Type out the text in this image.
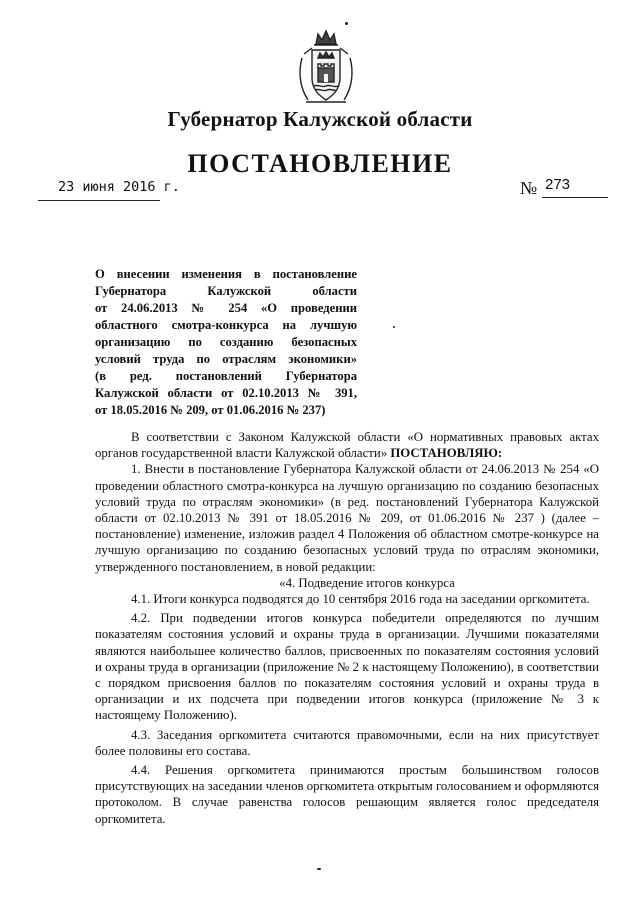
Губернатор Калужской области
ПОСТАНОВЛЕНИЕ
23 июня 2016 г.	№ 273
О внесении изменения в постановление
Губернатора Калужской области
от 24.06.2013 № 254 «О проведении
областного смотра-конкурса на лучшую
организацию по созданию безопасных
условий труда по отраслям экономики»
(в ред. постановлений Губернатора
Калужской области от 02.10.2013 № 391,
от 18.05.2016 № 209, от 01.06.2016 № 237)

В соответствии с Законом Калужской области «О нормативных правовых актах органов государственной власти Калужской области» ПОСТАНОВЛЯЮ:

1. Внести в постановление Губернатора Калужской области от 24.06.2013 № 254 «О проведении областного смотра-конкурса на лучшую организацию по созданию безопасных условий труда по отраслям экономики» (в ред. постановлений Губернатора Калужской области от 02.10.2013 № 391 от 18.05.2016 № 209, от 01.06.2016 № 237 ) (далее – постановление) изменение, изложив раздел 4 Положения об областном смотре-конкурсе на лучшую организацию по созданию безопасных условий труда по отраслям экономики, утвержденного постановлением, в новой редакции:

«4. Подведение итогов конкурса

4.1. Итоги конкурса подводятся до 10 сентября 2016 года на заседании оргкомитета.

4.2. При подведении итогов конкурса победители определяются по лучшим показателям состояния условий и охраны труда в организации. Лучшими показателями являются наибольшее количество баллов, присвоенных по показателям состояния условий и охраны труда в организации (приложение № 2 к настоящему Положению), в соответствии с порядком присвоения баллов по показателям состояния условий и охраны труда в организации и их подсчета при подведении итогов конкурса (приложение № 3 к настоящему Положению).

4.3. Заседания оргкомитета считаются правомочными, если на них присутствует более половины его состава.

4.4. Решения оргкомитета принимаются простым большинством голосов присутствующих на заседании членов оргкомитета открытым голосованием и оформляются протоколом. В случае равенства голосов решающим является голос председателя оргкомитета.
